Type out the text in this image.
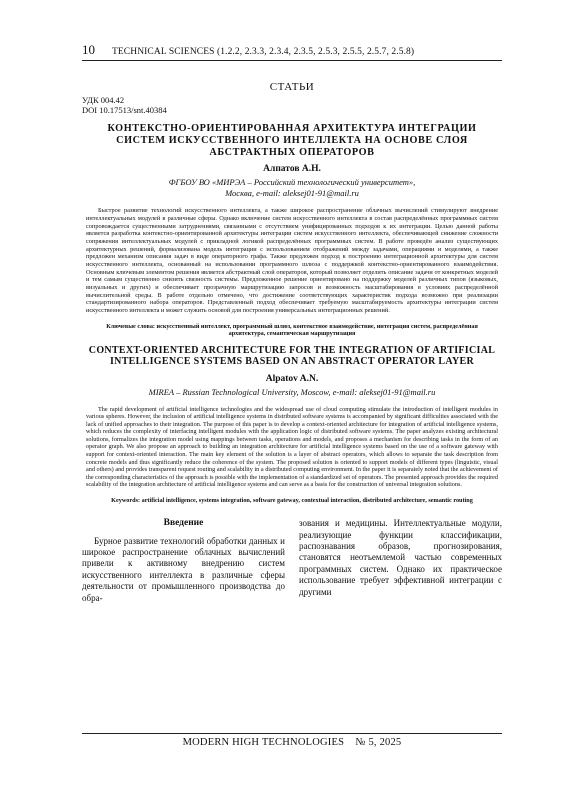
10	TECHNICAL SCIENCES (1.2.2, 2.3.3, 2.3.4, 2.3.5, 2.5.3, 2.5.5, 2.5.7, 2.5.8)
СТАТЬИ
УДК 004.42
DOI 10.17513/snt.40384
КОНТЕКСТНО-ОРИЕНТИРОВАННАЯ АРХИТЕКТУРА ИНТЕГРАЦИИ СИСТЕМ ИСКУССТВЕННОГО ИНТЕЛЛЕКТА НА ОСНОВЕ СЛОЯ АБСТРАКТНЫХ ОПЕРАТОРОВ
Алпатов А.Н.
ФГБОУ ВО «МИРЭА – Российский технологический университет»,
Москва, e-mail: aleksej01-91@mail.ru
Быстрое развитие технологий искусственного интеллекта, а также широкое распространение облачных вычислений стимулируют внедрение интеллектуальных модулей в различные сферы. Однако включение систем искусственного интеллекта в состав распределённых программных систем сопровождается существенными затруднениями, связанными с отсутствием унифицированных подходов к их интеграции. Целью данной работы является разработка контекстно-ориентированной архитектуры интеграции систем искусственного интеллекта, обеспечивающей снижение сложности сопряжения интеллектуальных модулей с прикладной логикой распределённых программных систем. В работе проведён анализ существующих архитектурных решений, формализована модель интеграции с использованием отображений между задачами, операциями и моделями, а также предложен механизм описания задач в виде операторного графа. Также предложен подход к построению интеграционной архитектуры для систем искусственного интеллекта, основанный на использовании программного шлюза с поддержкой контекстно-ориентированного взаимодействия. Основным ключевым элементом решения является абстрактный слой операторов, который позволяет отделить описание задачи от конкретных моделей и тем самым существенно снизить связность системы. Предложенное решение ориентировано на поддержку моделей различных типов (языковых, визуальных и других) и обеспечивает прозрачную маршрутизацию запросов и возможность масштабирования в условиях распределённой вычислительной среды. В работе отдельно отмечено, что достижение соответствующих характеристик подхода возможно при реализации стандартизированного набора операторов. Представленный подход обеспечивает требуемую масштабируемость архитектуры интеграции систем искусственного интеллекта и может служить основой для построения универсальных интеграционных решений.
Ключевые слова: искусственный интеллект, программный шлюз, контекстное взаимодействие, интеграция систем, распределённая архитектура, семантическая маршрутизация
CONTEXT-ORIENTED ARCHITECTURE FOR THE INTEGRATION OF ARTIFICIAL INTELLIGENCE SYSTEMS BASED ON AN ABSTRACT OPERATOR LAYER
Alpatov A.N.
MIREA – Russian Technological University, Moscow, e-mail: aleksej01-91@mail.ru
The rapid development of artificial intelligence technologies and the widespread use of cloud computing stimulate the introduction of intelligent modules in various spheres. However, the inclusion of artificial intelligence systems in distributed software systems is accompanied by significant difficulties associated with the lack of unified approaches to their integration. The purpose of this paper is to develop a context-oriented architecture for integration of artificial intelligence systems, which reduces the complexity of interfacing intelligent modules with the application logic of distributed software systems. The paper analyzes existing architectural solutions, formalizes the integration model using mappings between tasks, operations and models, and proposes a mechanism for describing tasks in the form of an operator graph. We also propose an approach to building an integration architecture for artificial intelligence systems based on the use of a software gateway with support for context-oriented interaction. The main key element of the solution is a layer of abstract operators, which allows to separate the task description from concrete models and thus significantly reduce the coherence of the system. The proposed solution is oriented to support models of different types (linguistic, visual and others) and provides transparent request routing and scalability in a distributed computing environment. In the paper it is separately noted that the achievement of the corresponding characteristics of the approach is possible with the implementation of a standardized set of operators. The presented approach provides the required scalability of the integration architecture of artificial intelligence systems and can serve as a basis for the construction of universal integration solutions.
Keywords: artificial intelligence, systems integration, software gateway, contextual interaction, distributed architecture, semantic routing
Введение

Бурное развитие технологий обработки данных и широкое распространение облачных вычислений привели к активному внедрению систем искусственного интеллекта в различные сферы деятельности от промышленного производства до обра-

зования и медицины. Интеллектуальные модули, реализующие функции классификации, распознавания образов, прогнозирования, становятся неотъемлемой частью современных программных систем. Однако их практическое использование требует эффективной интеграции с другими

MODERN HIGH TECHNOLOGIES № 5, 2025
